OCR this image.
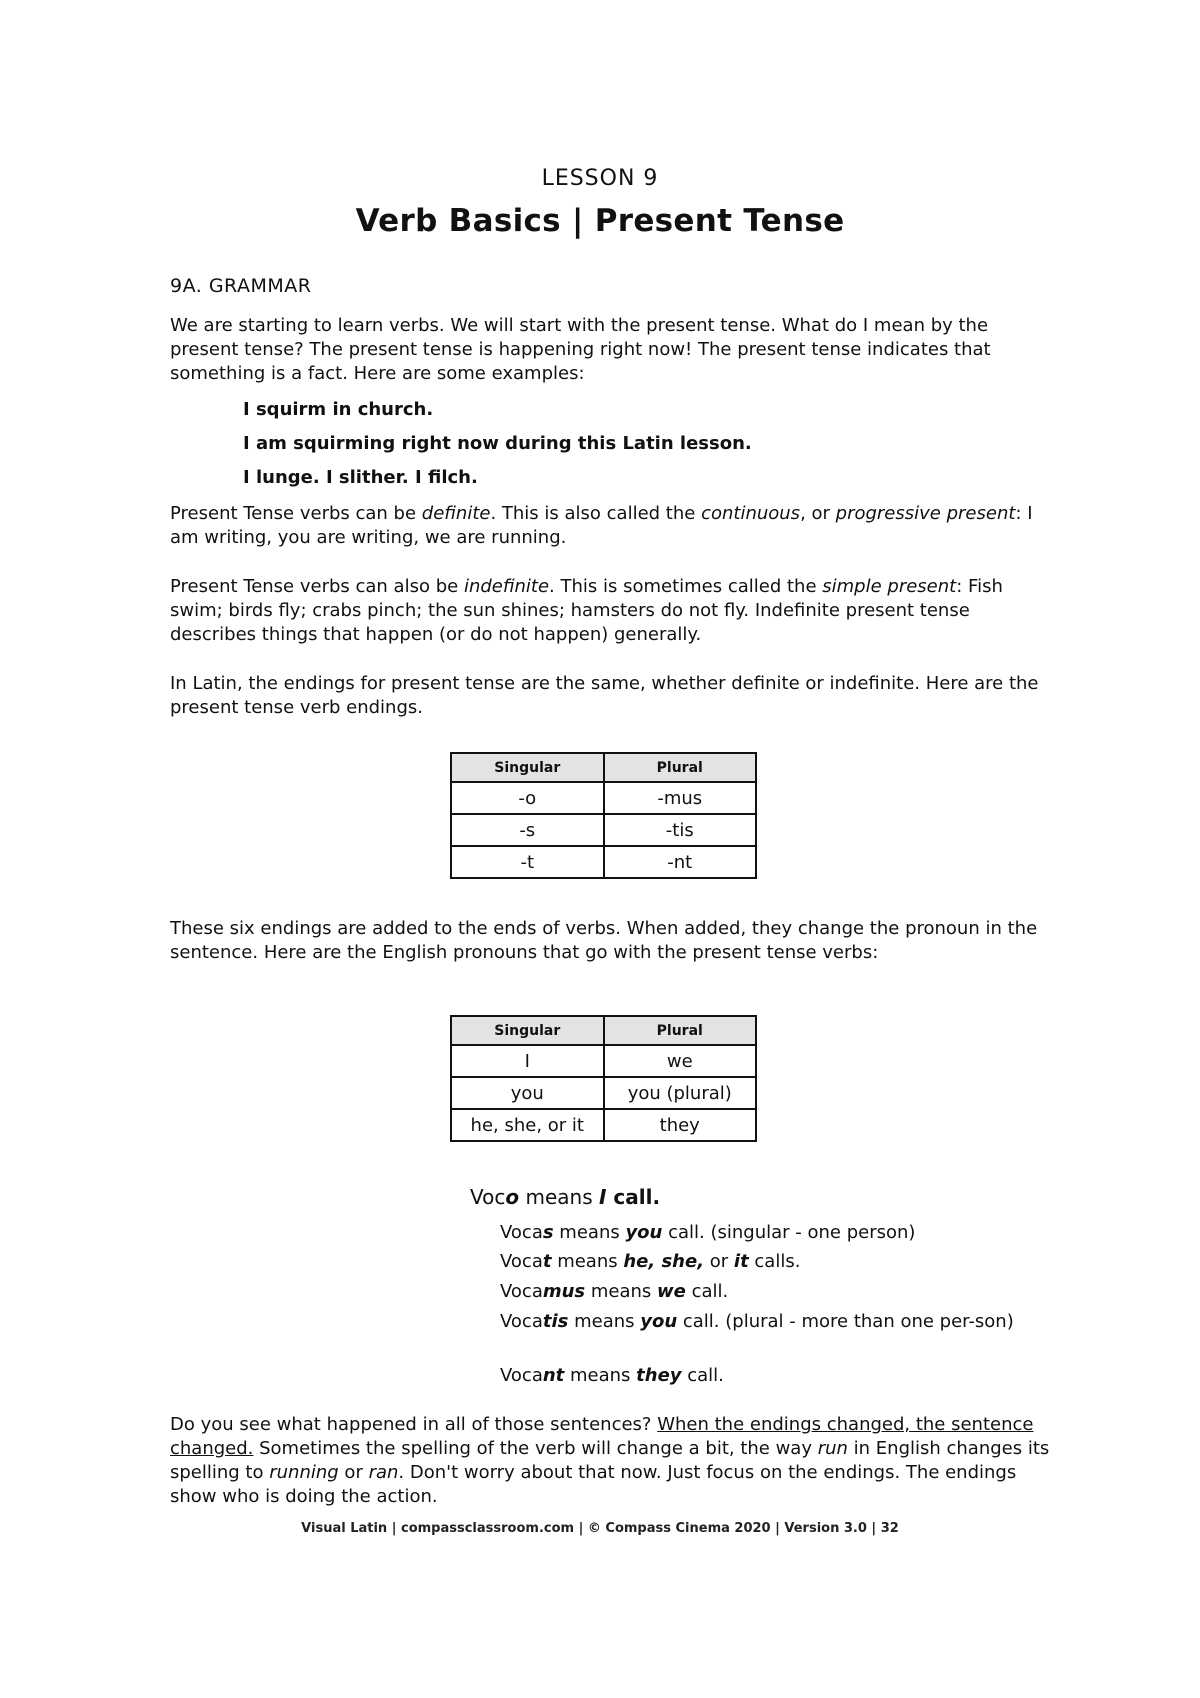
LESSON 9
Verb Basics | Present Tense
9A. GRAMMAR

We are starting to learn verbs. We will start with the present tense. What do I mean by the present tense? The present tense is happening right now! The present tense indicates that something is a fact. Here are some examples:

I squirm in church.
I am squirming right now during this Latin lesson.
I lunge. I slither. I filch.

Present Tense verbs can be definite. This is also called the continuous, or progressive present: I am writing, you are writing, we are running.

Present Tense verbs can also be indefinite. This is sometimes called the simple present: Fish swim; birds fly; crabs pinch; the sun shines; hamsters do not fly. Indefinite present tense describes things that happen (or do not happen) generally.

In Latin, the endings for present tense are the same, whether definite or indefinite. Here are the present tense verb endings.

Singular	Plural
-o	-mus
-s	-tis
-t	-nt

These six endings are added to the ends of verbs. When added, they change the pronoun in the sentence. Here are the English pronouns that go with the present tense verbs:

Singular	Plural
I	we
you	you (plural)
he, she, or it	they
Voco means I call.
Vocas means you call. (singular - one person)
Vocat means he, she, or it calls.
Vocamus means we call.
Vocatis means you call. (plural - more than one per-son)
Vocant means they call.

Do you see what happened in all of those sentences? When the endings changed, the sentence changed. Sometimes the spelling of the verb will change a bit, the way run in English changes its spelling to running or ran. Don't worry about that now. Just focus on the endings. The endings show who is doing the action.

Visual Latin | compassclassroom.com | © Compass Cinema 2020 | Version 3.0 | 32
